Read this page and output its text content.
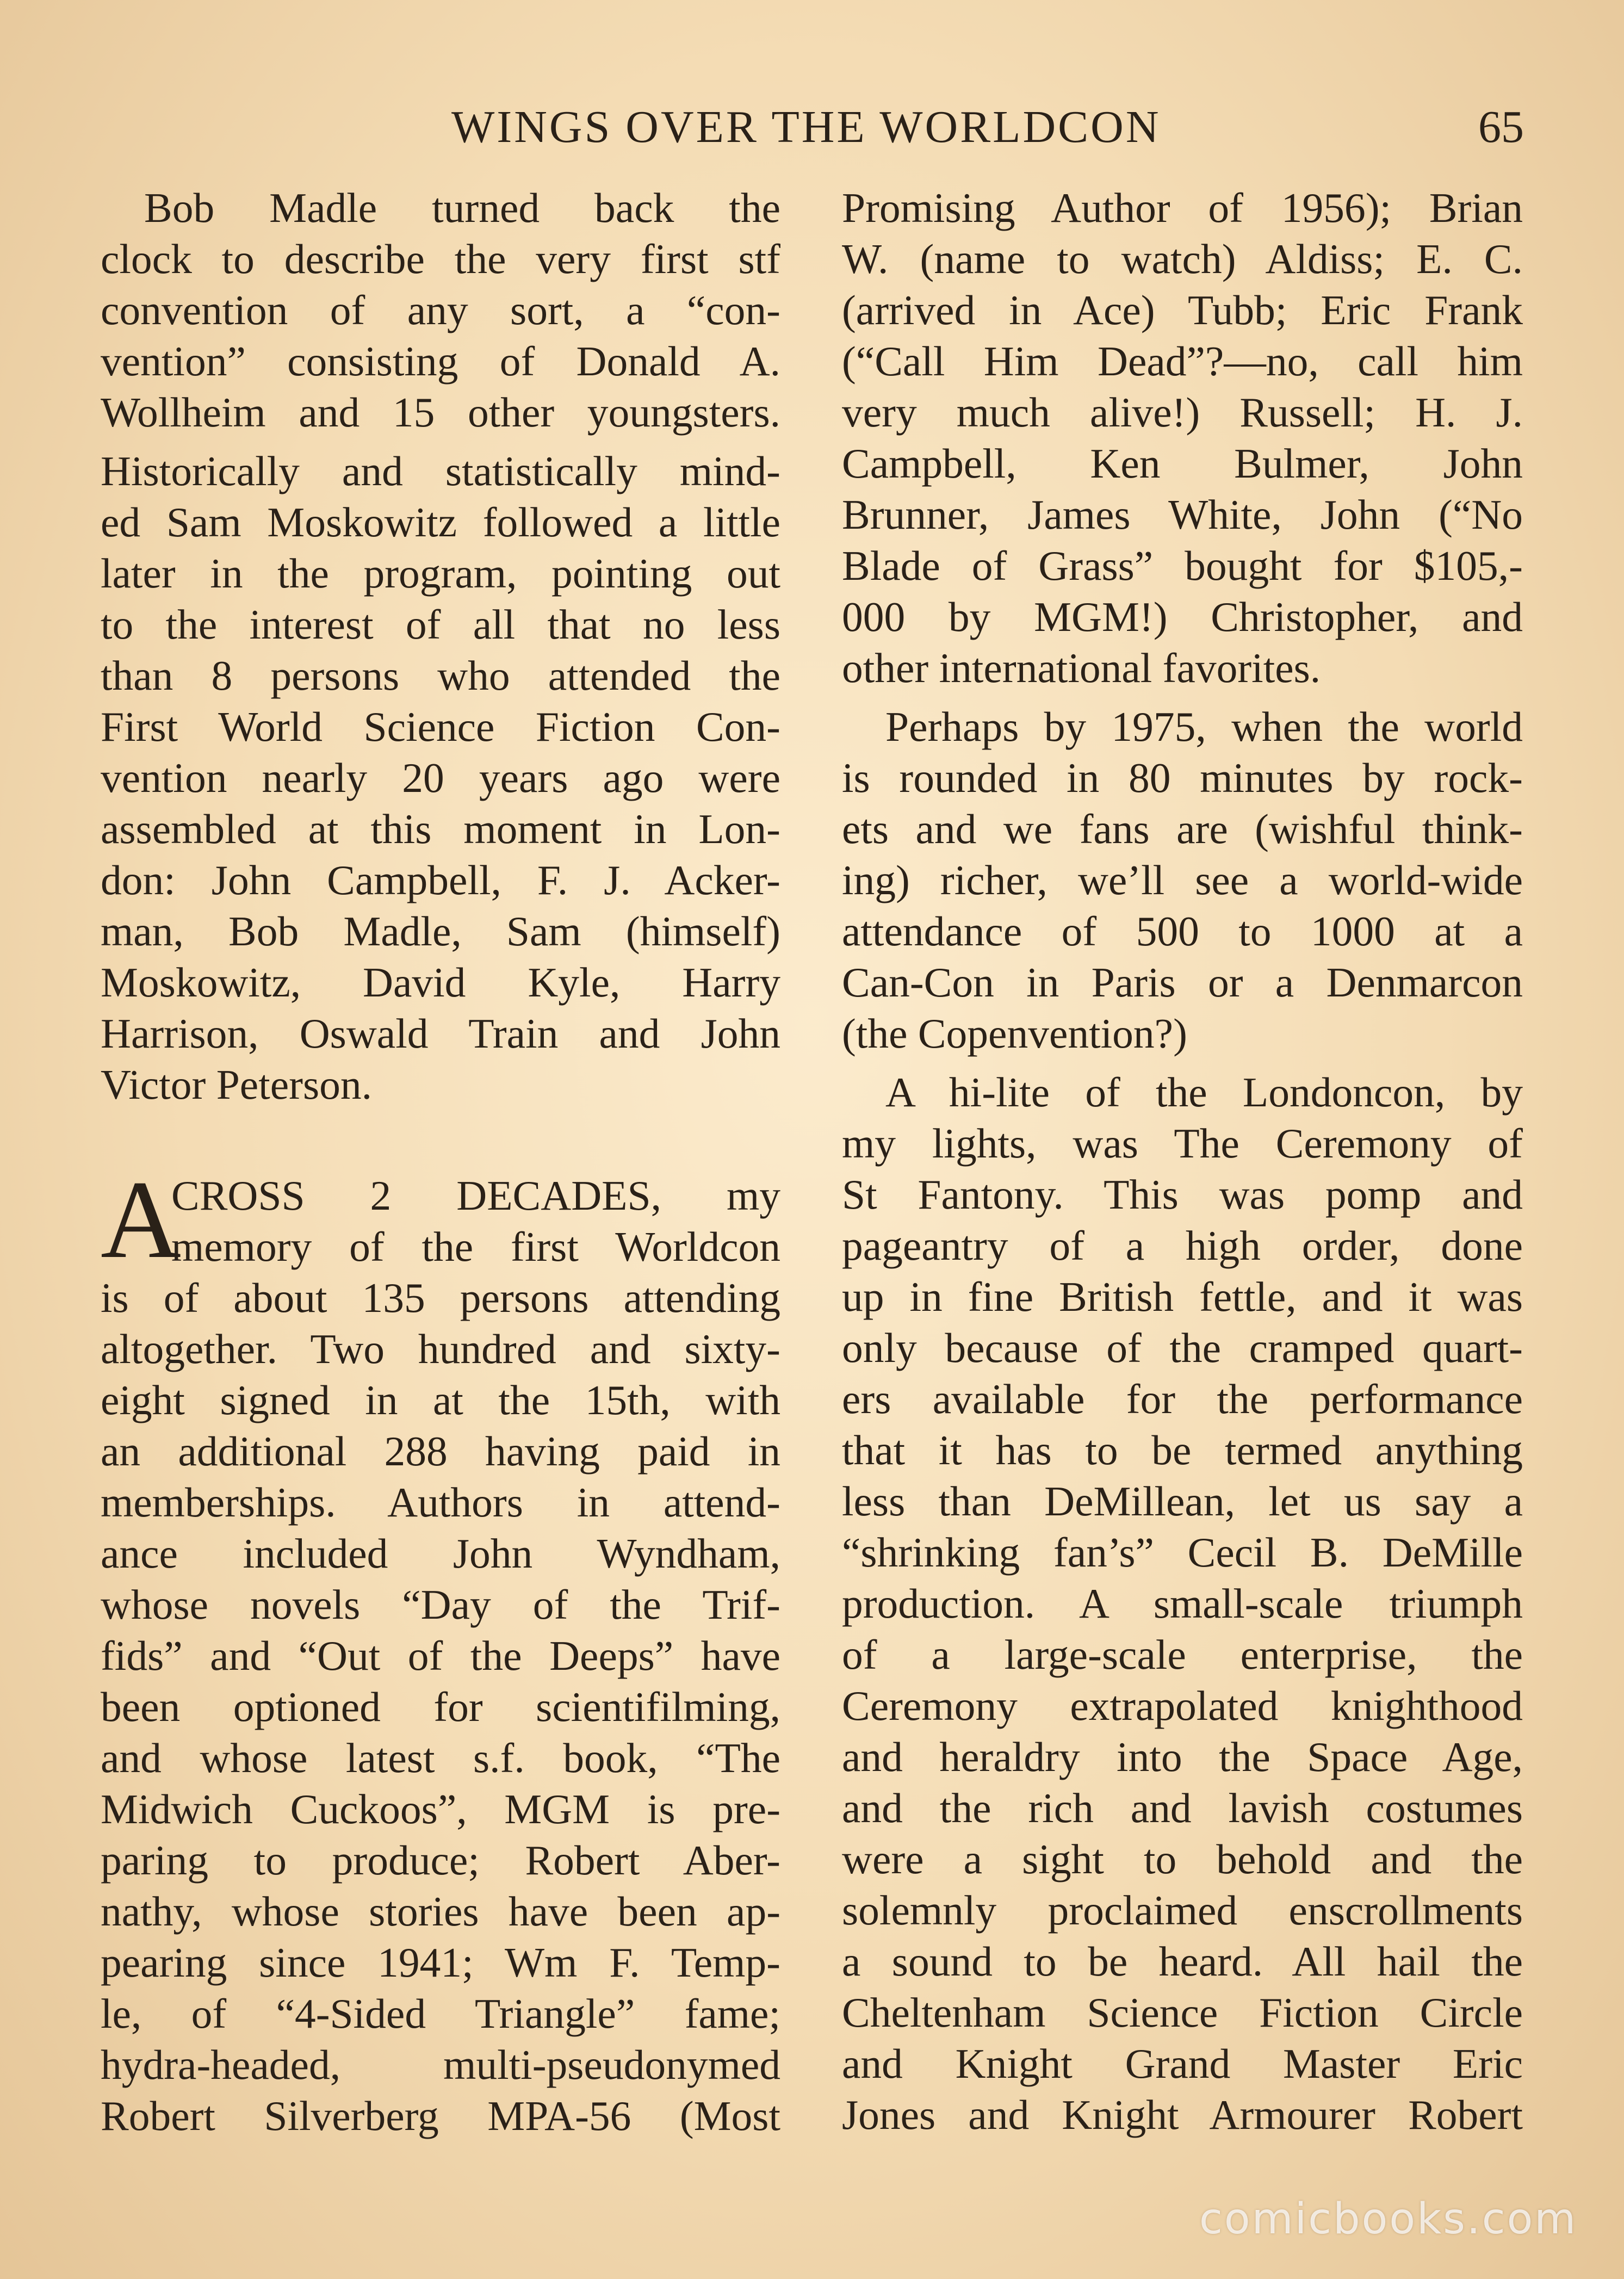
WINGS OVER THE WORLDCON	65
Bob Madle turned back the
clock to describe the very first stf
convention of any sort, a “con-
vention” consisting of Donald A.
Wollheim and 15 other youngsters.
Historically and statistically mind-
ed Sam Moskowitz followed a little
later in the program, pointing out
to the interest of all that no less
than 8 persons who attended the
First World Science Fiction Con-
vention nearly 20 years ago were
assembled at this moment in Lon-
don: John Campbell, F. J. Acker-
man, Bob Madle, Sam (himself)
Moskowitz, David Kyle, Harry
Harrison, Oswald Train and John
Victor Peterson.
A
CROSS 2 DECADES, my
memory of the first Worldcon
is of about 135 persons attending
altogether. Two hundred and sixty-
eight signed in at the 15th, with
an additional 288 having paid in
memberships. Authors in attend-
ance included John Wyndham,
whose novels “Day of the Trif-
fids” and “Out of the Deeps” have
been optioned for scientifilming,
and whose latest s.f. book, “The
Midwich Cuckoos”, MGM is pre-
paring to produce; Robert Aber-
nathy, whose stories have been ap-
pearing since 1941; Wm F. Temp-
le, of “4-Sided Triangle” fame;
hydra-headed, multi-pseudonymed
Robert Silverberg MPA-56 (Most
Promising Author of 1956); Brian
W. (name to watch) Aldiss; E. C.
(arrived in Ace) Tubb; Eric Frank
(“Call Him Dead”?—no, call him
very much alive!) Russell; H. J.
Campbell, Ken Bulmer, John
Brunner, James White, John (“No
Blade of Grass” bought for $105,-
000 by MGM!) Christopher, and
other international favorites.
Perhaps by 1975, when the world
is rounded in 80 minutes by rock-
ets and we fans are (wishful think-
ing) richer, we’ll see a world-wide
attendance of 500 to 1000 at a
Can-Con in Paris or a Denmarcon
(the Copenvention?)
A hi-lite of the Londoncon, by
my lights, was The Ceremony of
St Fantony. This was pomp and
pageantry of a high order, done
up in fine British fettle, and it was
only because of the cramped quart-
ers available for the performance
that it has to be termed anything
less than DeMillean, let us say a
“shrinking fan’s” Cecil B. DeMille
production. A small-scale triumph
of a large-scale enterprise, the
Ceremony extrapolated knighthood
and heraldry into the Space Age,
and the rich and lavish costumes
were a sight to behold and the
solemnly proclaimed enscrollments
a sound to be heard. All hail the
Cheltenham Science Fiction Circle
and Knight Grand Master Eric
Jones and Knight Armourer Robert
comicbooks.com
